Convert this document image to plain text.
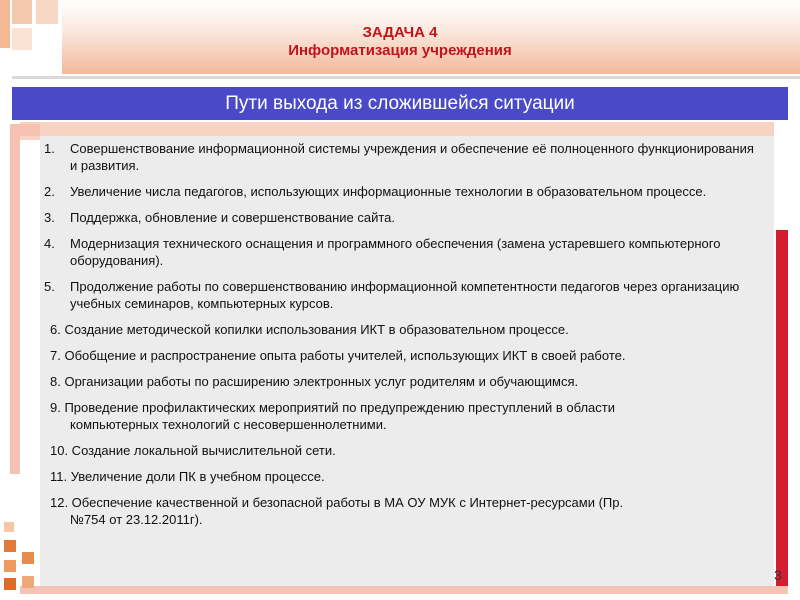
ЗАДАЧА 4
Информатизация учреждения
Пути выхода из сложившейся ситуации
1. Совершенствование информационной системы учреждения и обеспечение её полноценного функционирования и развития.
2. Увеличение числа педагогов, использующих информационные технологии в образовательном процессе.
3. Поддержка, обновление и совершенствование сайта.
4. Модернизация технического оснащения и программного обеспечения (замена устаревшего компьютерного оборудования).
5. Продолжение работы по совершенствованию информационной компетентности педагогов через организацию учебных семинаров, компьютерных курсов.
6. Создание методической копилки использования ИКТ в образовательном процессе.
7. Обобщение и распространение опыта работы учителей, использующих ИКТ в своей работе.
8. Организации работы по расширению электронных услуг родителям и обучающимся.
9. Проведение профилактических мероприятий по предупреждению преступлений в области
компьютерных технологий с несовершеннолетними.
10. Создание локальной вычислительной сети.
11. Увеличение доли ПК в учебном процессе.
12. Обеспечение качественной и безопасной работы в МА ОУ МУК с Интернет-ресурсами (Пр.
№754 от 23.12.2011г).
3
